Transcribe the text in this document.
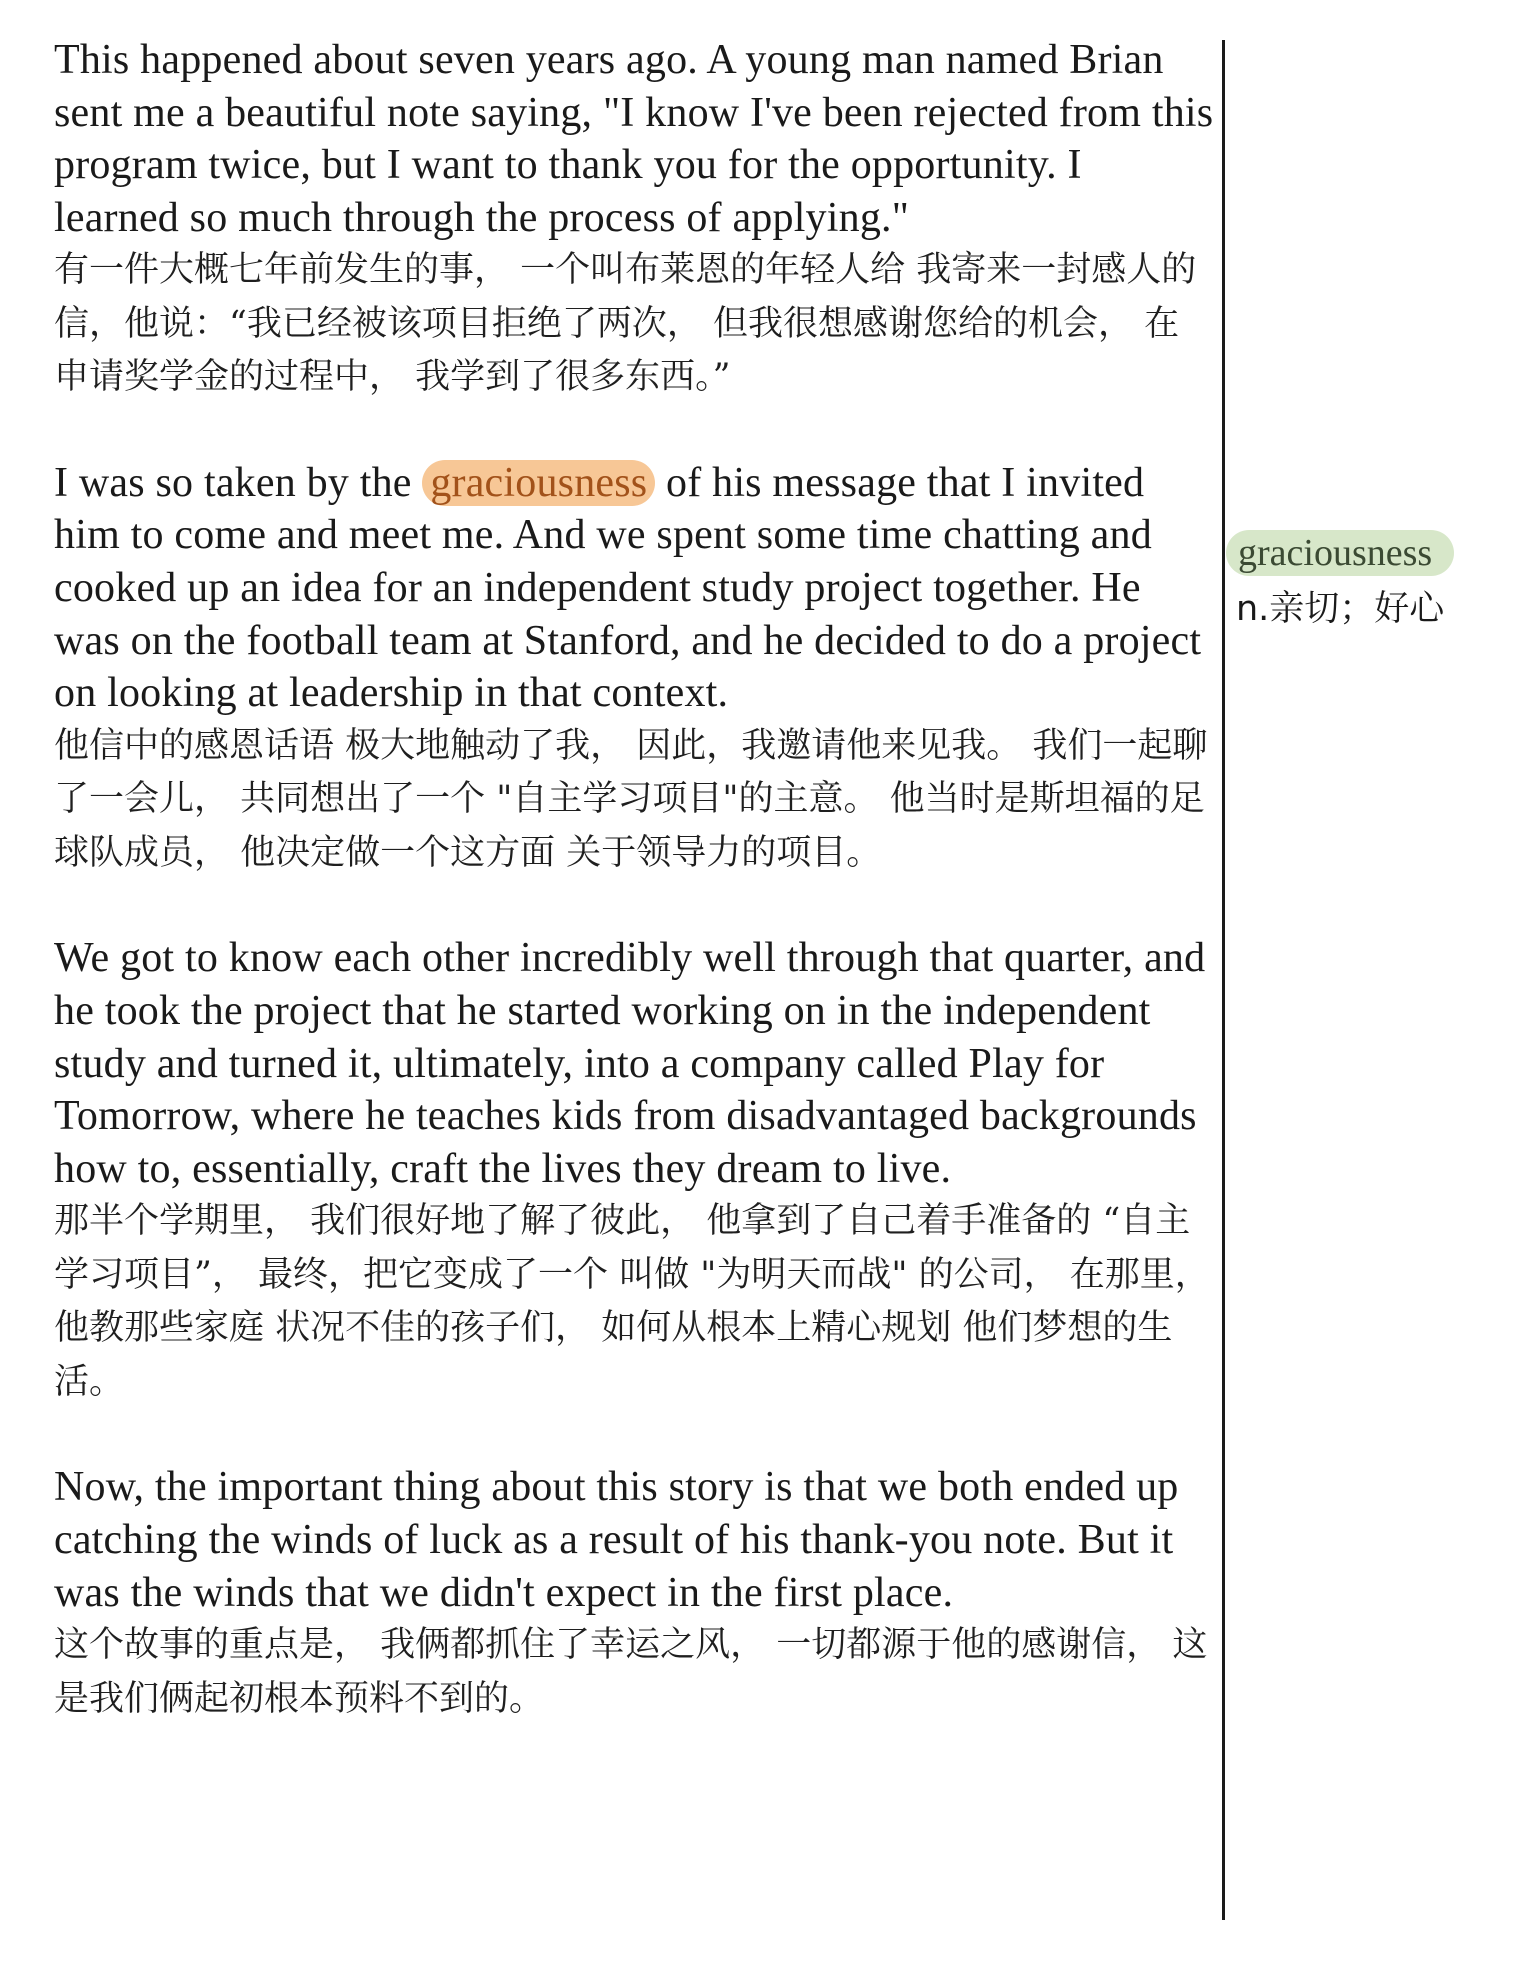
This happened about seven years ago. A young man named Brian sent me a beautiful note saying, "I know I've been rejected from this program twice, but I want to thank you for the opportunity. I learned so much through the process of applying."

有一件大概七年前发生的事， 一个叫布莱恩的年轻人给 我寄来一封感人的信，他说：“我已经被该项目拒绝了两次， 但我很想感谢您给的机会， 在申请奖学金的过程中， 我学到了很多东西。”

I was so taken by the graciousness of his message that I invited him to come and meet me. And we spent some time chatting and cooked up an idea for an independent study project together. He was on the football team at Stanford, and he decided to do a project on looking at leadership in that context.

他信中的感恩话语 极大地触动了我， 因此，我邀请他来见我。 我们一起聊了一会儿， 共同想出了一个 "自主学习项目"的主意。 他当时是斯坦福的足球队成员， 他决定做一个这方面 关于领导力的项目。

We got to know each other incredibly well through that quarter, and he took the project that he started working on in the independent study and turned it, ultimately, into a company called Play for Tomorrow, where he teaches kids from disadvantaged backgrounds how to, essentially, craft the lives they dream to live.

那半个学期里， 我们很好地了解了彼此， 他拿到了自己着手准备的 “自主学习项目”， 最终，把它变成了一个 叫做 "为明天而战" 的公司， 在那里，他教那些家庭 状况不佳的孩子们， 如何从根本上精心规划 他们梦想的生活。

Now, the important thing about this story is that we both ended up catching the winds of luck as a result of his thank-you note. But it was the winds that we didn't expect in the first place.

这个故事的重点是， 我俩都抓住了幸运之风， 一切都源于他的感谢信， 这是我们俩起初根本预料不到的。

graciousness
n.亲切；好心
